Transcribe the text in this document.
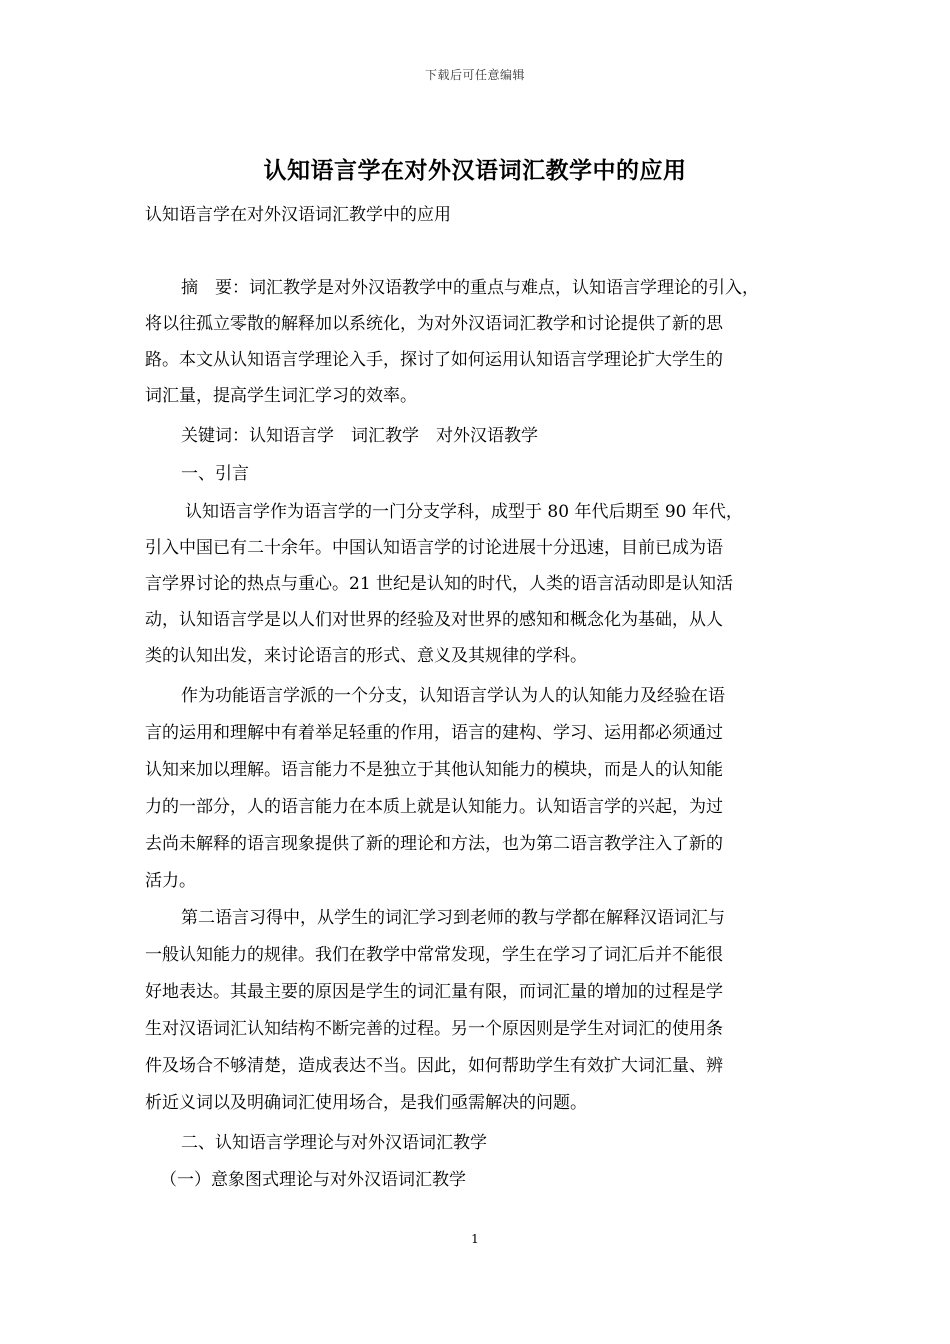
下载后可任意编辑
认知语言学在对外汉语词汇教学中的应用
认知语言学在对外汉语词汇教学中的应用
摘　要：词汇教学是对外汉语教学中的重点与难点，认知语言学理论的引入，
将以往孤立零散的解释加以系统化，为对外汉语词汇教学和讨论提供了新的思
路。本文从认知语言学理论入手，探讨了如何运用认知语言学理论扩大学生的
词汇量，提高学生词汇学习的效率。
关键词：认知语言学　词汇教学　对外汉语教学
一、引言
认知语言学作为语言学的一门分支学科，成型于 80 年代后期至 90 年代，
引入中国已有二十余年。中国认知语言学的讨论进展十分迅速，目前已成为语
言学界讨论的热点与重心。21 世纪是认知的时代，人类的语言活动即是认知活
动，认知语言学是以人们对世界的经验及对世界的感知和概念化为基础，从人
类的认知出发，来讨论语言的形式、意义及其规律的学科。
作为功能语言学派的一个分支，认知语言学认为人的认知能力及经验在语
言的运用和理解中有着举足轻重的作用，语言的建构、学习、运用都必须通过
认知来加以理解。语言能力不是独立于其他认知能力的模块，而是人的认知能
力的一部分，人的语言能力在本质上就是认知能力。认知语言学的兴起，为过
去尚未解释的语言现象提供了新的理论和方法，也为第二语言教学注入了新的
活力。
第二语言习得中，从学生的词汇学习到老师的教与学都在解释汉语词汇与
一般认知能力的规律。我们在教学中常常发现，学生在学习了词汇后并不能很
好地表达。其最主要的原因是学生的词汇量有限，而词汇量的增加的过程是学
生对汉语词汇认知结构不断完善的过程。另一个原因则是学生对词汇的使用条
件及场合不够清楚，造成表达不当。因此，如何帮助学生有效扩大词汇量、辨
析近义词以及明确词汇使用场合，是我们亟需解决的问题。
二、认知语言学理论与对外汉语词汇教学
（一）意象图式理论与对外汉语词汇教学
1
